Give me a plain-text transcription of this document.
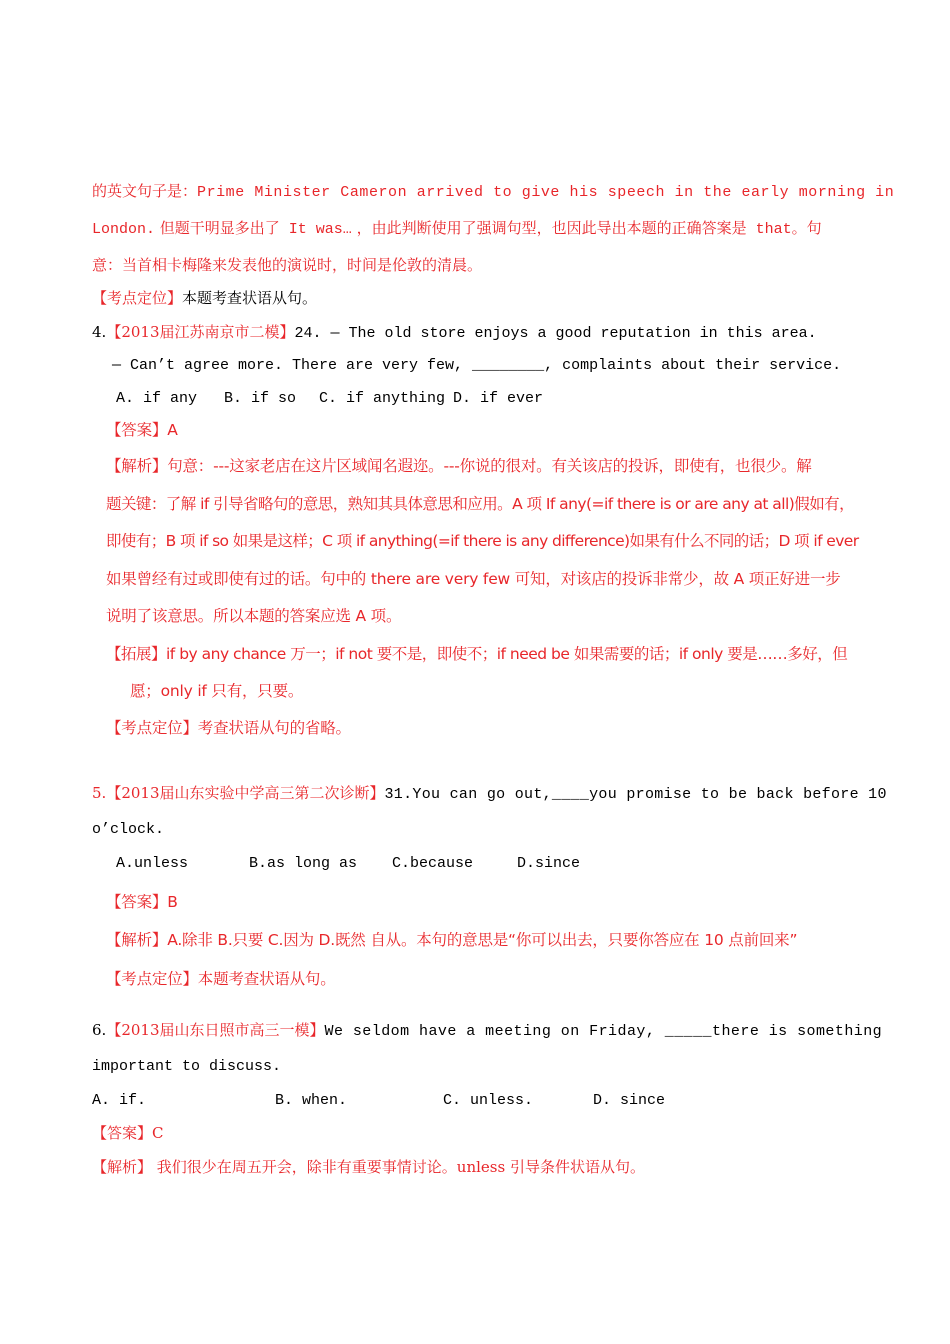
的英文句子是：Prime Minister Cameron arrived to give his speech in the early morning in
London. 但题干明显多出了 It was… ，由此判断使用了强调句型，也因此导出本题的正确答案是 that。句
意：当首相卡梅隆来发表他的演说时，时间是伦敦的清晨。
【考点定位】本题考查状语从句。
4.【2013届江苏南京市二模】24. — The old store enjoys a good reputation in this area.
— Can’t agree more. There are very few, ________, complaints about their service.
A. if any B. if so C. if anything D. if ever
【答案】A
【解析】句意：---这家老店在这片区域闻名遐迩。---你说的很对。有关该店的投诉，即使有，也很少。解
题关键：了解 if 引导省略句的意思，熟知其具体意思和应用。A 项 If any(=if there is or are any at all)假如有，
即使有；B 项 if so 如果是这样；C 项 if anything(=if there is any difference)如果有什么不同的话；D 项 if ever
如果曾经有过或即使有过的话。句中的 there are very few 可知，对该店的投诉非常少，故 A 项正好进一步
说明了该意思。所以本题的答案应选 A 项。
【拓展】if by any chance 万一；if not 要不是，即使不；if need be 如果需要的话；if only 要是……多好，但
愿；only if 只有，只要。
【考点定位】考查状语从句的省略。
5.【2013届山东实验中学高三第二次诊断】31.You can go out,____you promise to be back before 10
o’clock.
A.unless	B.as long as C.because	D.since
【答案】B
【解析】A.除非 B.只要 C.因为 D.既然 自从。本句的意思是“你可以出去，只要你答应在 10 点前回来”
【考点定位】本题考查状语从句。
6.【2013届山东日照市高三一模】We seldom have a meeting on Friday, _____there is something
important to discuss.
A. if.	B. when.	C. unless.	D. since
【答案】C
【解析】 我们很少在周五开会，除非有重要事情讨论。unless 引导条件状语从句。
